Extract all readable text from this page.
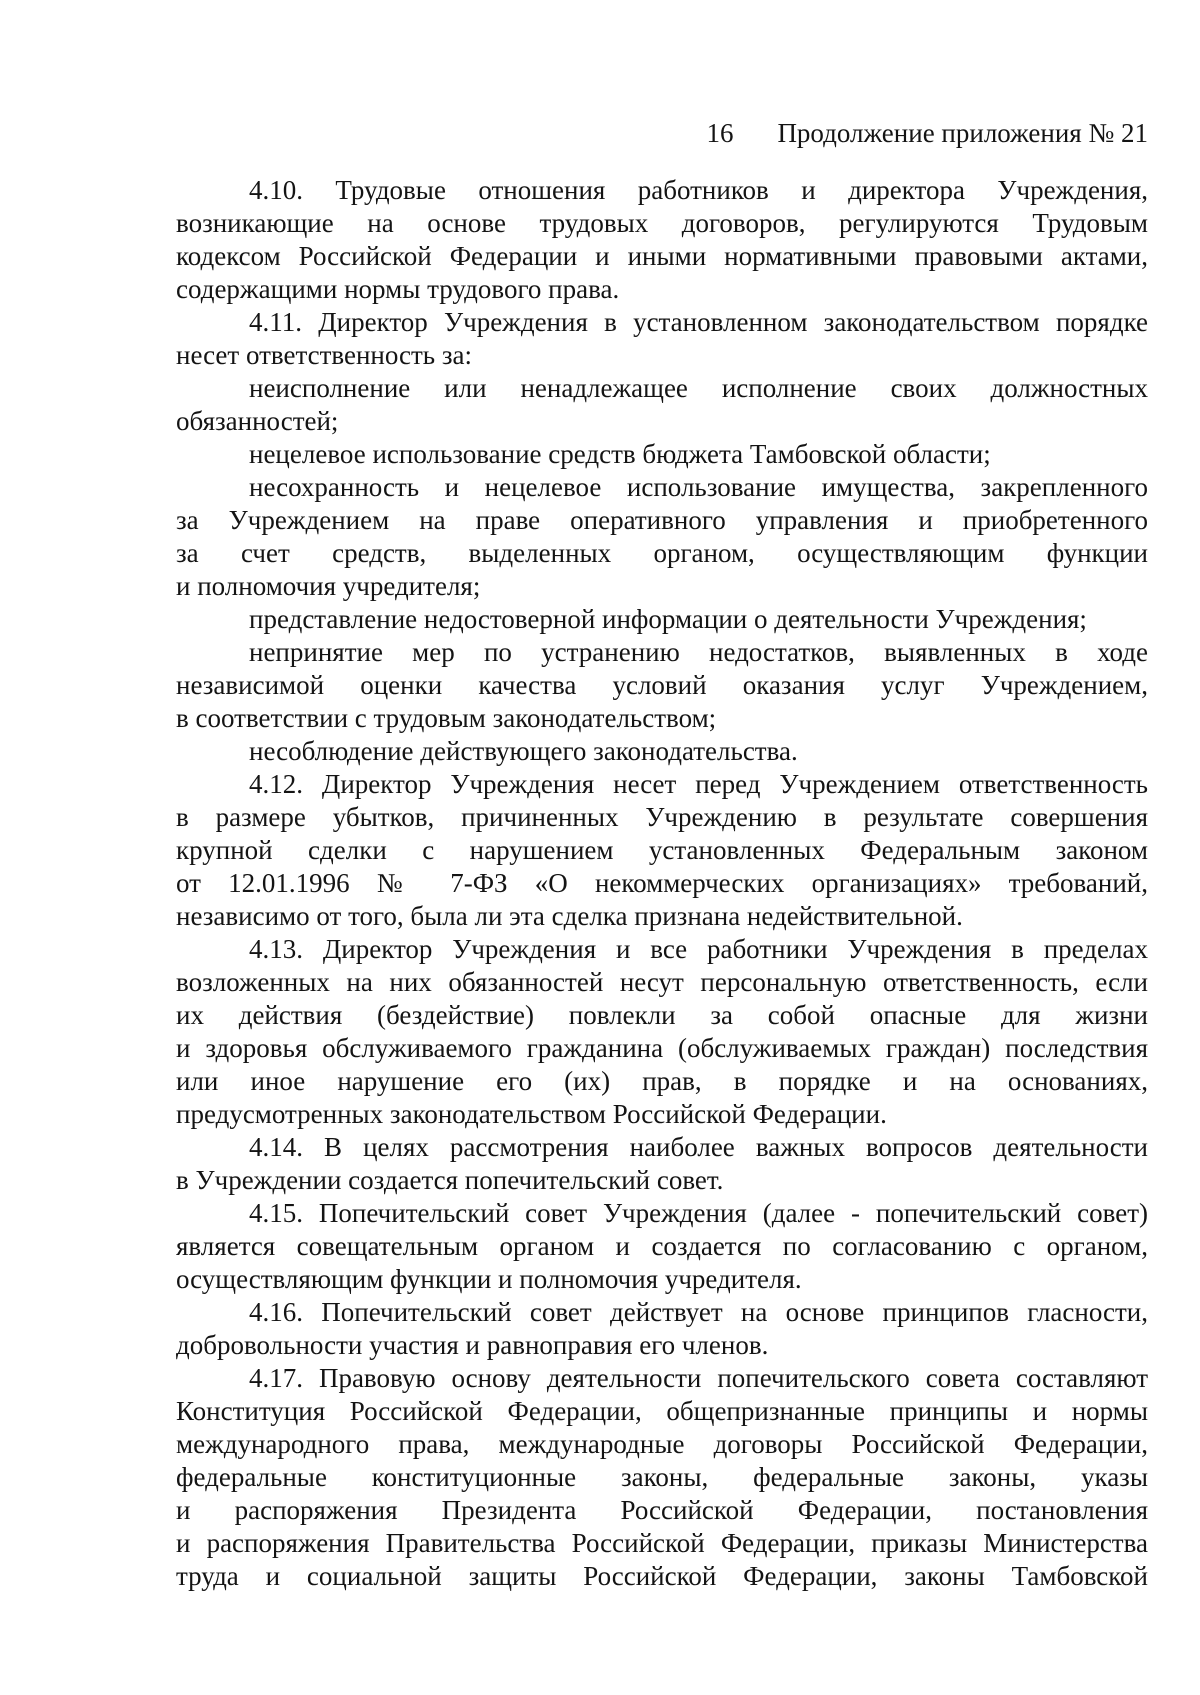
16 Продолжение приложения № 21
4.10. Трудовые отношения работников и директора Учреждения,
возникающие на основе трудовых договоров, регулируются Трудовым
кодексом Российской Федерации и иными нормативными правовыми актами,
содержащими нормы трудового права.
4.11. Директор Учреждения в установленном законодательством порядке
несет ответственность за:
неисполнение или ненадлежащее исполнение своих должностных
обязанностей;
нецелевое использование средств бюджета Тамбовской области;
несохранность и нецелевое использование имущества, закрепленного
за Учреждением на праве оперативного управления и приобретенного
за счет средств, выделенных органом, осуществляющим функции
и полномочия учредителя;
представление недостоверной информации о деятельности Учреждения;
непринятие мер по устранению недостатков, выявленных в ходе
независимой оценки качества условий оказания услуг Учреждением,
в соответствии с трудовым законодательством;
несоблюдение действующего законодательства.
4.12. Директор Учреждения несет перед Учреждением ответственность
в размере убытков, причиненных Учреждению в результате совершения
крупной сделки с нарушением установленных Федеральным законом
от 12.01.1996 № 7-ФЗ «О некоммерческих организациях» требований,
независимо от того, была ли эта сделка признана недействительной.
4.13. Директор Учреждения и все работники Учреждения в пределах
возложенных на них обязанностей несут персональную ответственность, если
их действия (бездействие) повлекли за собой опасные для жизни
и здоровья обслуживаемого гражданина (обслуживаемых граждан) последствия
или иное нарушение его (их) прав, в порядке и на основаниях,
предусмотренных законодательством Российской Федерации.
4.14. В целях рассмотрения наиболее важных вопросов деятельности
в Учреждении создается попечительский совет.
4.15. Попечительский совет Учреждения (далее - попечительский совет)
является совещательным органом и создается по согласованию с органом,
осуществляющим функции и полномочия учредителя.
4.16. Попечительский совет действует на основе принципов гласности,
добровольности участия и равноправия его членов.
4.17. Правовую основу деятельности попечительского совета составляют
Конституция Российской Федерации, общепризнанные принципы и нормы
международного права, международные договоры Российской Федерации,
федеральные конституционные законы, федеральные законы, указы
и распоряжения Президента Российской Федерации, постановления
и распоряжения Правительства Российской Федерации, приказы Министерства
труда и социальной защиты Российской Федерации, законы Тамбовской
